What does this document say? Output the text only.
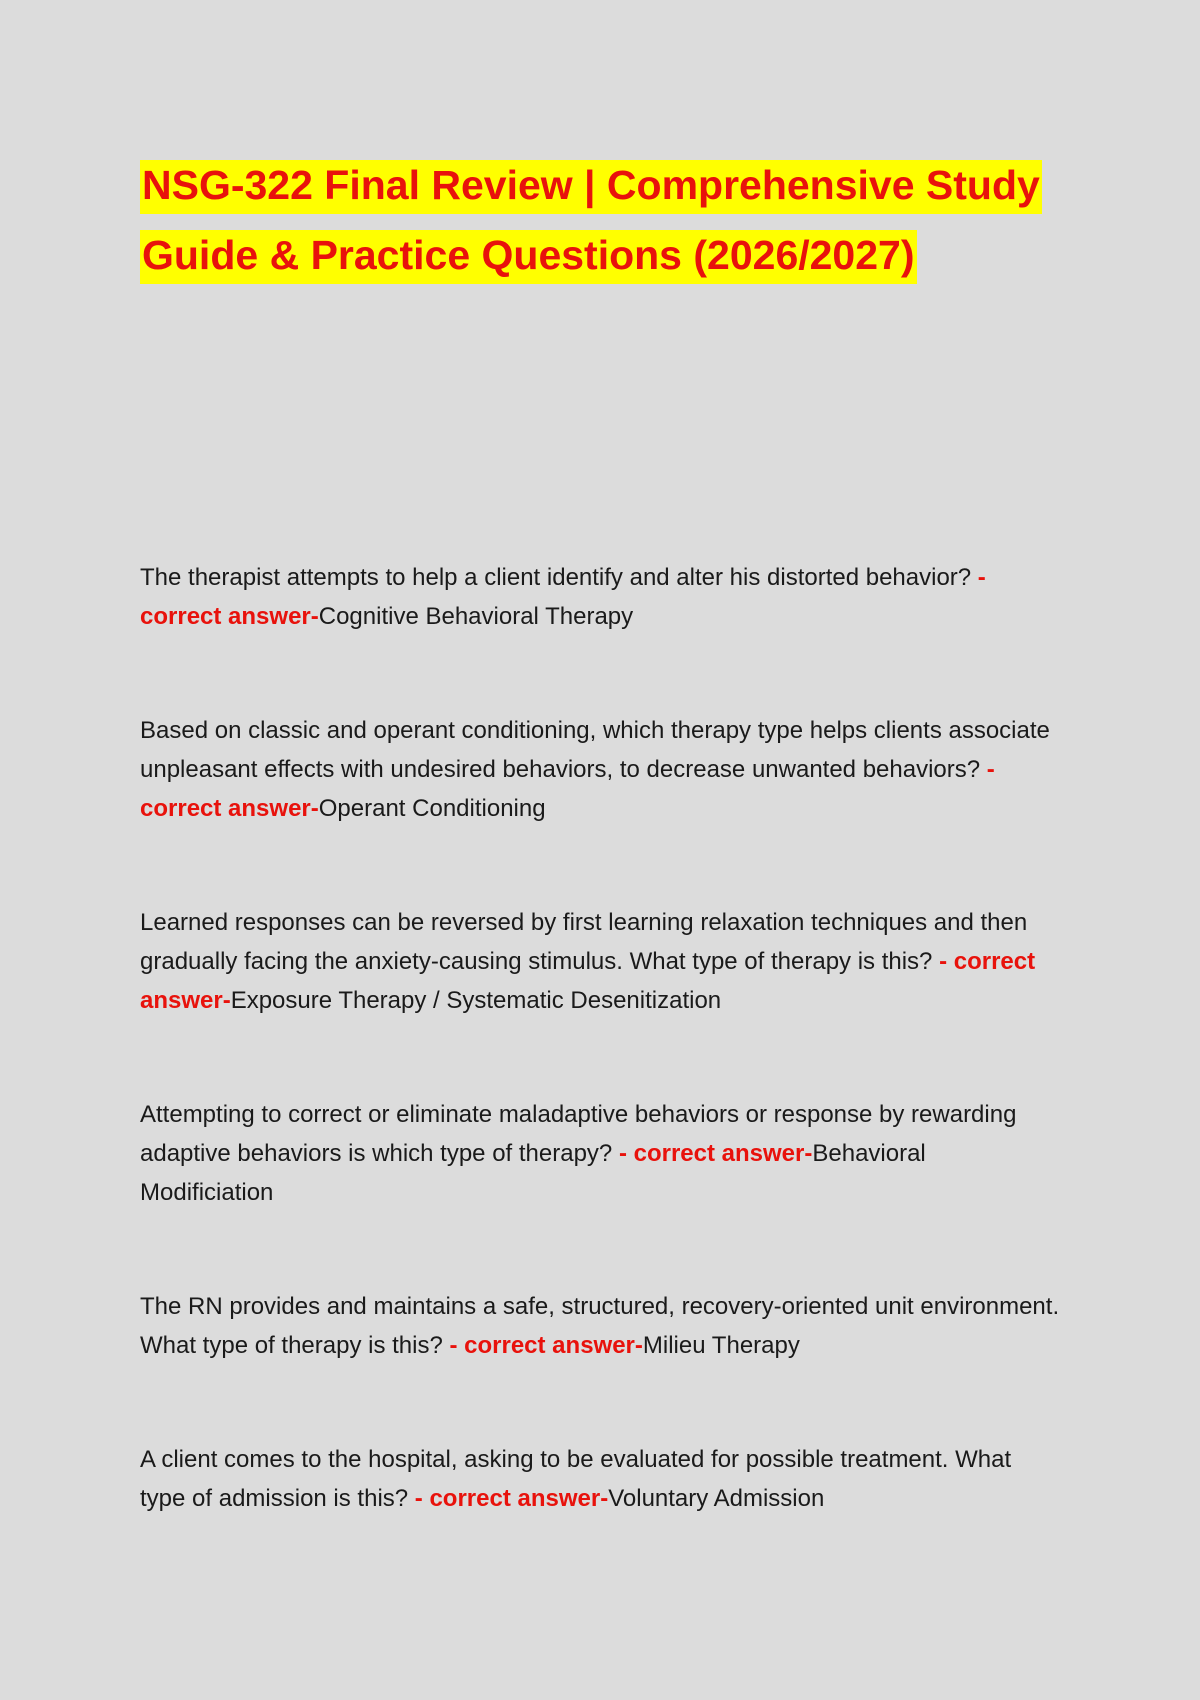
NSG-322 Final Review | Comprehensive Study Guide & Practice Questions (2026/2027)
The therapist attempts to help a client identify and alter his distorted behavior? - correct answer-Cognitive Behavioral Therapy
Based on classic and operant conditioning, which therapy type helps clients associate unpleasant effects with undesired behaviors, to decrease unwanted behaviors? - correct answer-Operant Conditioning
Learned responses can be reversed by first learning relaxation techniques and then gradually facing the anxiety-causing stimulus. What type of therapy is this? - correct answer-Exposure Therapy / Systematic Desenitization
Attempting to correct or eliminate maladaptive behaviors or response by rewarding adaptive behaviors is which type of therapy? - correct answer-Behavioral Modificiation
The RN provides and maintains a safe, structured, recovery-oriented unit environment. What type of therapy is this? - correct answer-Milieu Therapy
A client comes to the hospital, asking to be evaluated for possible treatment. What type of admission is this? - correct answer-Voluntary Admission
